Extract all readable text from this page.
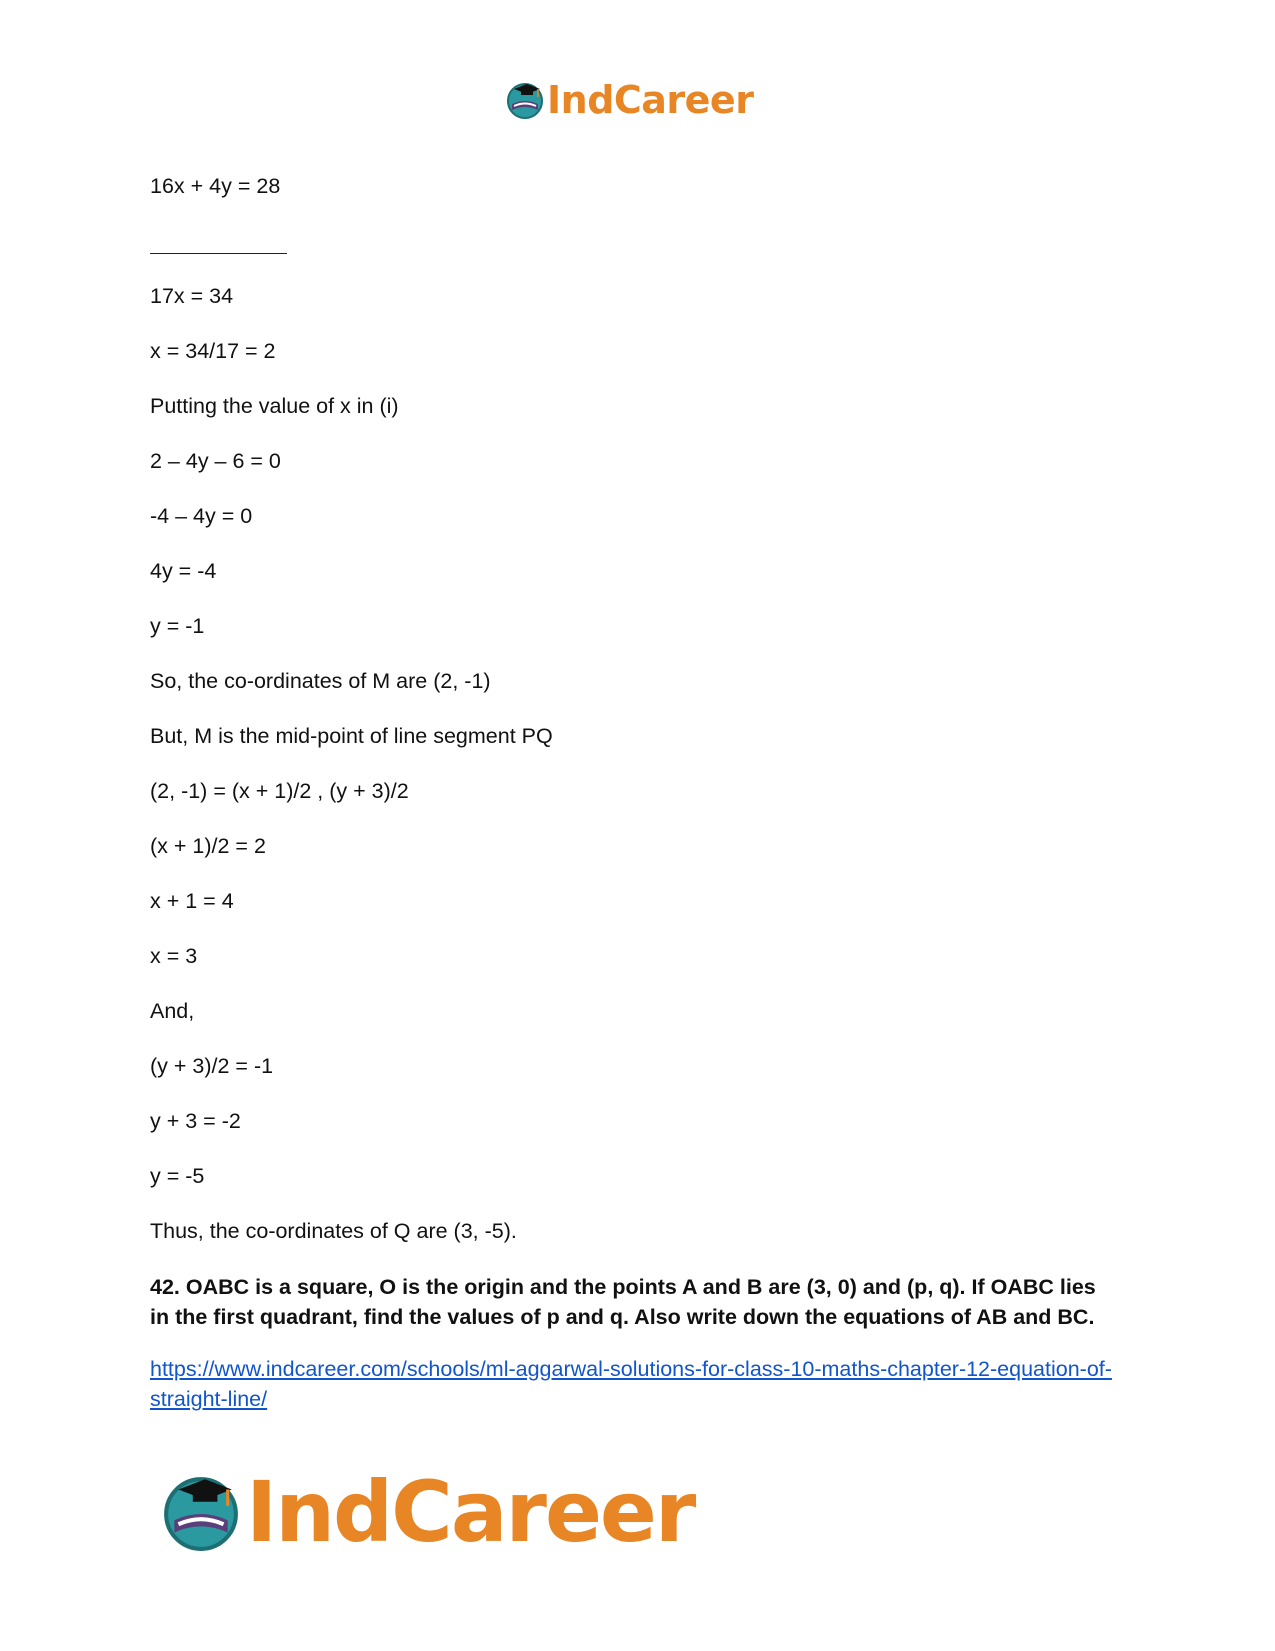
IndCareer
16x + 4y = 28
17x = 34
x = 34/17 = 2
Putting the value of x in (i)
2 – 4y – 6 = 0
-4 – 4y = 0
4y = -4
y = -1
So, the co-ordinates of M are (2, -1)
But, M is the mid-point of line segment PQ
(2, -1) = (x + 1)/2 , (y + 3)/2
(x + 1)/2 = 2
x + 1 = 4
x = 3
And,
(y + 3)/2 = -1
y + 3 = -2
y = -5
Thus, the co-ordinates of Q are (3, -5).
42. OABC is a square, O is the origin and the points A and B are (3, 0) and (p, q). If OABC lies in the first quadrant, find the values of p and q. Also write down the equations of AB and BC.
https://www.indcareer.com/schools/ml-aggarwal-solutions-for-class-10-maths-chapter-12-equation-of-straight-line/
IndCareer
